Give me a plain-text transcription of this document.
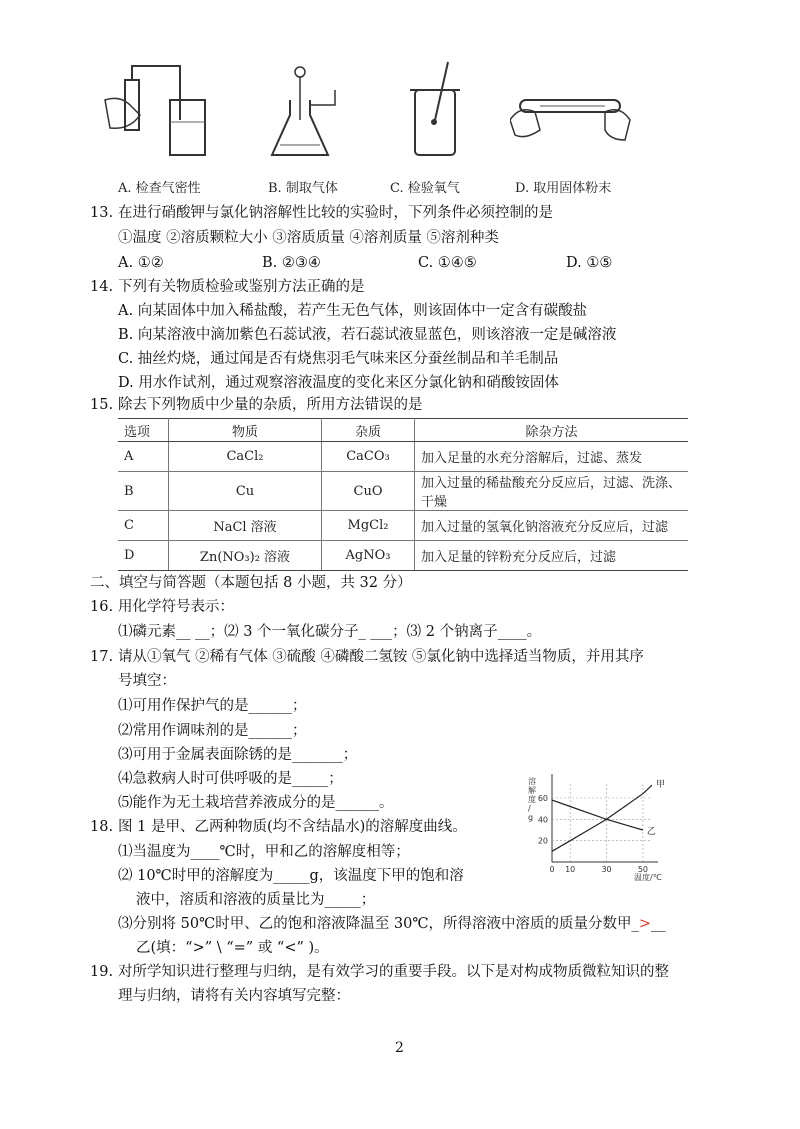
A. 检查气密性	B. 制取气体	C. 检验氧气	D. 取用固体粉末
13. 在进行硝酸钾与氯化钠溶解性比较的实验时，下列条件必须控制的是
①温度 ②溶质颗粒大小 ③溶质质量 ④溶剂质量 ⑤溶剂种类
A. ①②	B. ②③④	C. ①④⑤	D. ①⑤
14. 下列有关物质检验或鉴别方法正确的是
A. 向某固体中加入稀盐酸，若产生无色气体，则该固体中一定含有碳酸盐
B. 向某溶液中滴加紫色石蕊试液，若石蕊试液显蓝色，则该溶液一定是碱溶液
C. 抽丝灼烧，通过闻是否有烧焦羽毛气味来区分蚕丝制品和羊毛制品
D. 用水作试剂，通过观察溶液温度的变化来区分氯化钠和硝酸铵固体
15. 除去下列物质中少量的杂质，所用方法错误的是
选项	物质	杂质	除杂方法
A	CaCl₂	CaCO₃	加入足量的水充分溶解后，过滤、蒸发
B	Cu	CuO	加入过量的稀盐酸充分反应后，过滤、洗涤、干燥
C	NaCl 溶液	MgCl₂	加入过量的氢氧化钠溶液充分反应后，过滤
D	Zn(NO₃)₂ 溶液	AgNO₃	加入足量的锌粉充分反应后，过滤
二、填空与简答题（本题包括 8 小题，共 32 分）
16. 用化学符号表示：
⑴磷元素__ __；⑵ 3 个一氧化碳分子_ ___；⑶ 2 个钠离子____。
17. 请从①氧气 ②稀有气体 ③硫酸 ④磷酸二氢铵 ⑤氯化钠中选择适当物质，并用其序
号填空：
⑴可用作保护气的是______；
⑵常用作调味剂的是______；
⑶可用于金属表面除锈的是_______；
⑷急救病人时可供呼吸的是_____；
⑸能作为无土栽培营养液成分的是______。
18. 图 1 是甲、乙两种物质(均不含结晶水)的溶解度曲线。
⑴当温度为____℃时，甲和乙的溶解度相等；
⑵ 10℃时甲的溶解度为_____g，该温度下甲的饱和溶
液中，溶质和溶液的质量比为_____；
⑶分别将 50℃时甲、乙的饱和溶液降温至 30℃，所得溶液中溶质的质量分数甲_>__
乙(填：“>” \ “=” 或 “<” )。
溶
解
度
/
g
温度/℃
20
40
60
0 10	30	50
甲
乙
19. 对所学知识进行整理与归纳，是有效学习的重要手段。以下是对构成物质微粒知识的整
理与归纳，请将有关内容填写完整：
2
